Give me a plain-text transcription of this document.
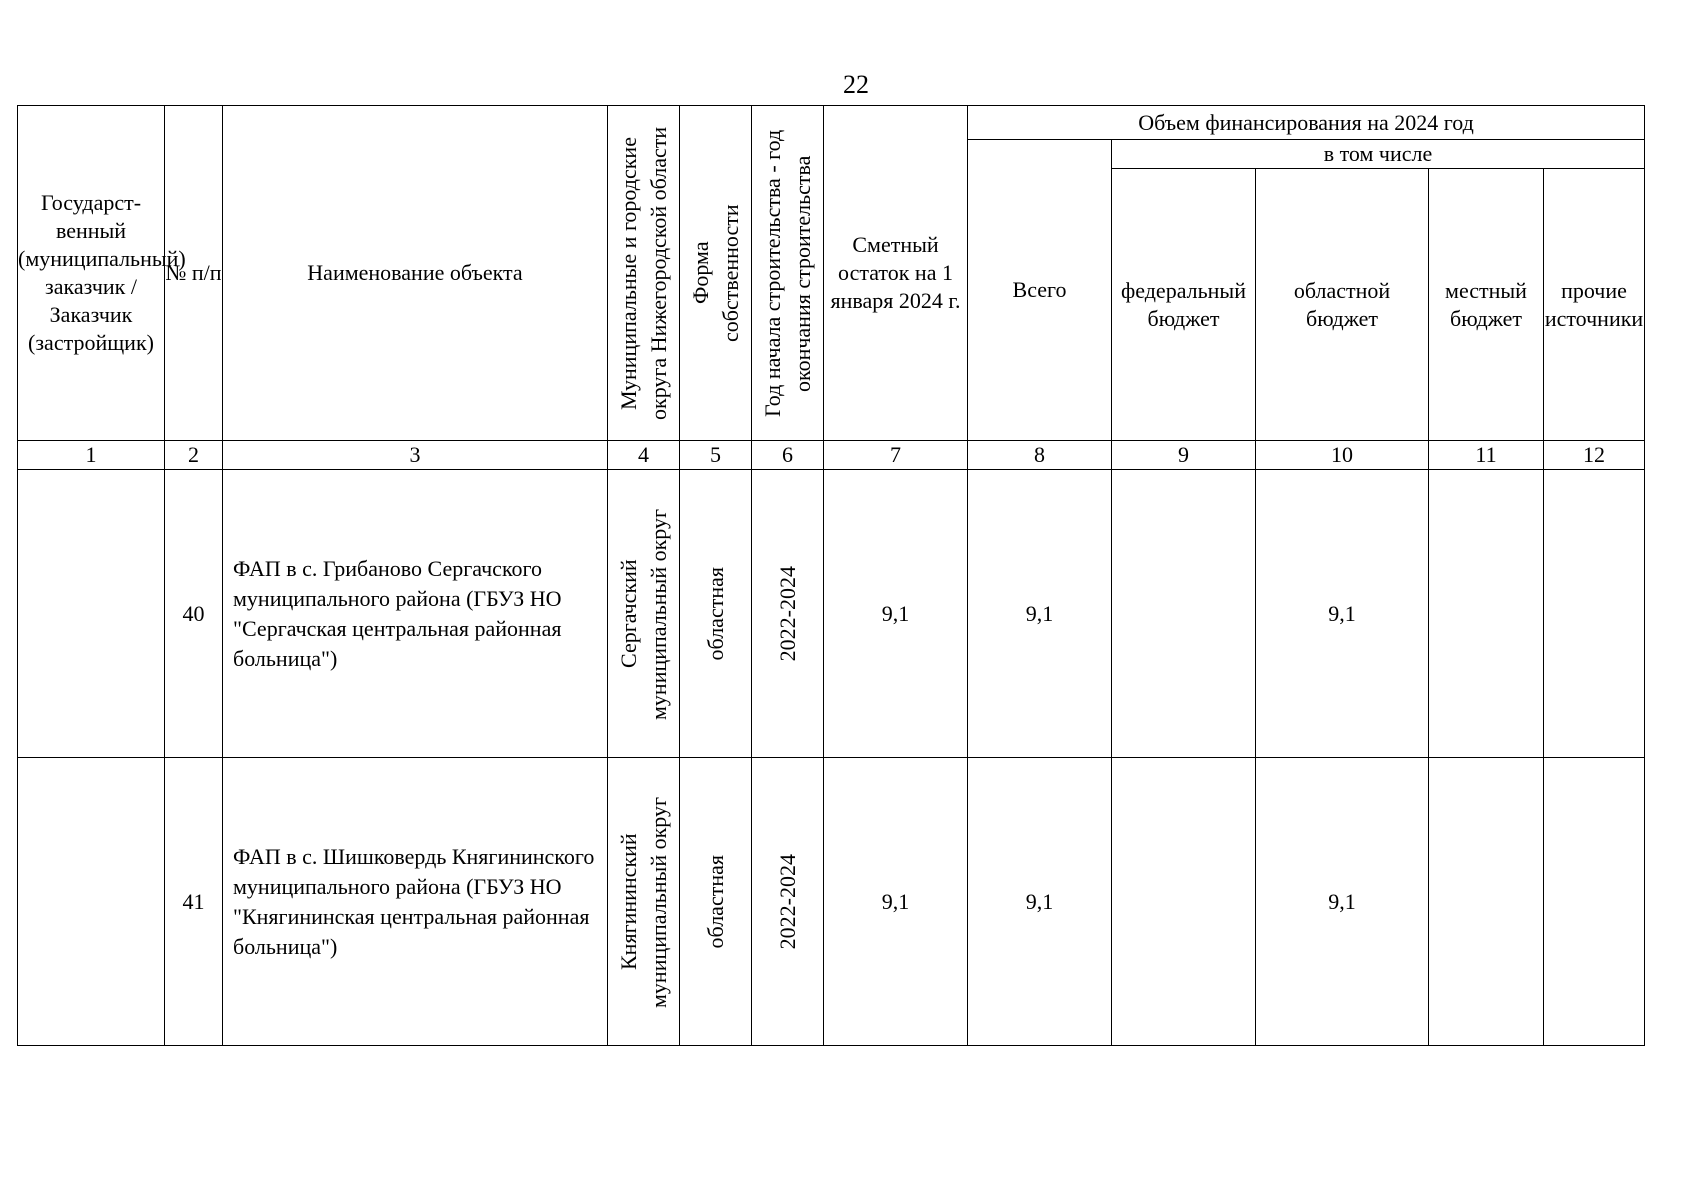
22
Государст-венный (муниципальный) заказчик / Заказчик (застройщик)	№ п/п	Наименование объекта	Муниципальные и городские округа Нижегородской области	Форма собственности	Год начала строительства - год окончания строительства	Сметный остаток на 1 января 2024 г.	Объем финансирования на 2024 год				
							Всего	в том числе			
								федеральный бюджет	областной бюджет	местный бюджет	прочие источники
1	2	3	4	5	6	7	8	9	10	11	12
	40	ФАП в с. Грибаново Сергачского муниципального района (ГБУЗ НО "Сергачская центральная районная больница")	Сергачский муниципальный округ	областная	2022-2024	9,1	9,1		9,1		
	41	ФАП в с. Шишковердь Княгининского муниципального района (ГБУЗ НО "Княгининская центральная районная больница")	Княгининский муниципальный округ	областная	2022-2024	9,1	9,1		9,1		
